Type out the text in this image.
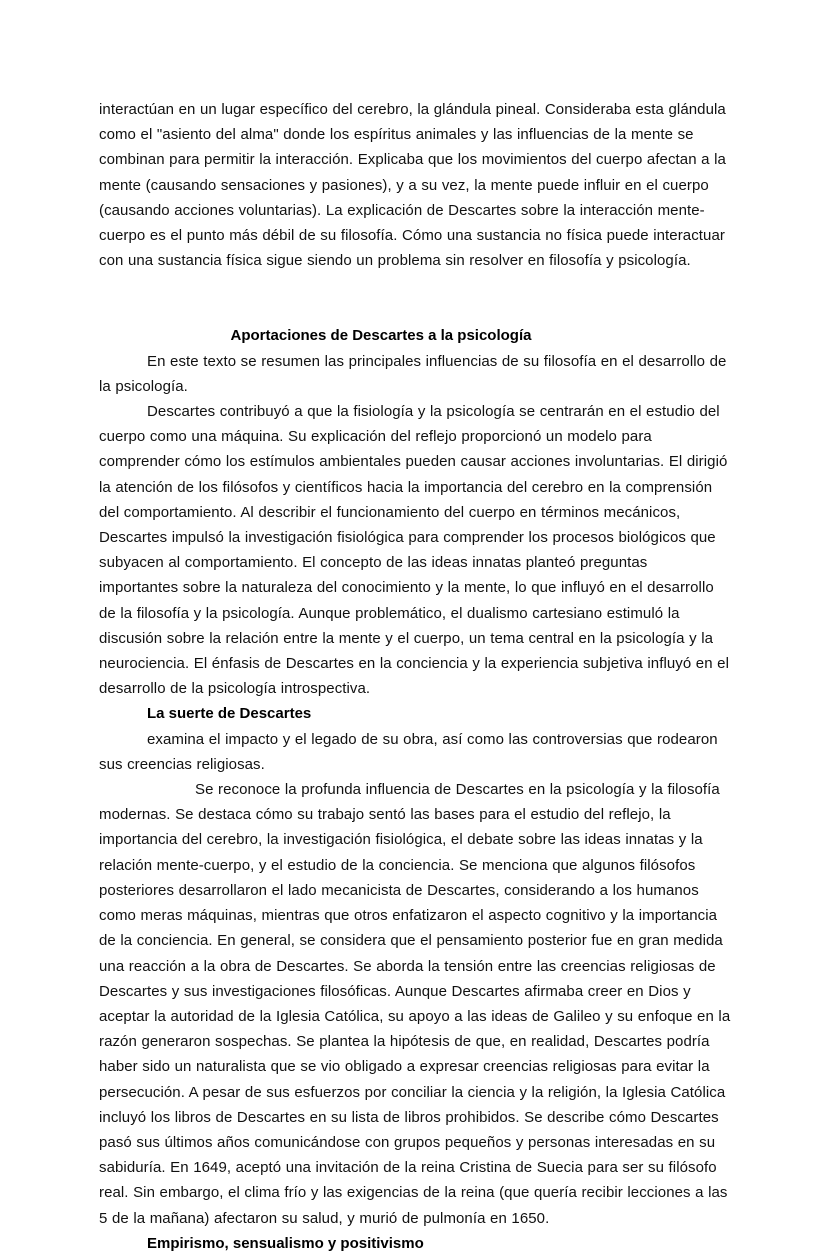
interactúan en un lugar específico del cerebro, la glándula pineal. Consideraba esta glándula como el "asiento del alma" donde los espíritus animales y las influencias de la mente se combinan para permitir la interacción. Explicaba que los movimientos del cuerpo afectan a la mente (causando sensaciones y pasiones), y a su vez, la mente puede influir en el cuerpo (causando acciones voluntarias). La explicación de Descartes sobre la interacción mente-cuerpo es el punto más débil de su filosofía. Cómo una sustancia no física puede interactuar con una sustancia física sigue siendo un problema sin resolver en filosofía y psicología.

Aportaciones de Descartes a la psicología

En este texto se resumen las principales influencias de su filosofía en el desarrollo de la psicología.

Descartes contribuyó a que la fisiología y la psicología se centrarán en el estudio del cuerpo como una máquina. Su explicación del reflejo proporcionó un modelo para comprender cómo los estímulos ambientales pueden causar acciones involuntarias. El dirigió la atención de los filósofos y científicos hacia la importancia del cerebro en la comprensión del comportamiento. Al describir el funcionamiento del cuerpo en términos mecánicos, Descartes impulsó la investigación fisiológica para comprender los procesos biológicos que subyacen al comportamiento. El concepto de las ideas innatas planteó preguntas importantes sobre la naturaleza del conocimiento y la mente, lo que influyó en el desarrollo de la filosofía y la psicología. Aunque problemático, el dualismo cartesiano estimuló la discusión sobre la relación entre la mente y el cuerpo, un tema central en la psicología y la neurociencia. El énfasis de Descartes en la conciencia y la experiencia subjetiva influyó en el desarrollo de la psicología introspectiva.

La suerte de Descartes

examina el impacto y el legado de su obra, así como las controversias que rodearon sus creencias religiosas.

Se reconoce la profunda influencia de Descartes en la psicología y la filosofía modernas. Se destaca cómo su trabajo sentó las bases para el estudio del reflejo, la importancia del cerebro, la investigación fisiológica, el debate sobre las ideas innatas y la relación mente-cuerpo, y el estudio de la conciencia. Se menciona que algunos filósofos posteriores desarrollaron el lado mecanicista de Descartes, considerando a los humanos como meras máquinas, mientras que otros enfatizaron el aspecto cognitivo y la importancia de la conciencia. En general, se considera que el pensamiento posterior fue en gran medida una reacción a la obra de Descartes. Se aborda la tensión entre las creencias religiosas de Descartes y sus investigaciones filosóficas. Aunque Descartes afirmaba creer en Dios y aceptar la autoridad de la Iglesia Católica, su apoyo a las ideas de Galileo y su enfoque en la razón generaron sospechas. Se plantea la hipótesis de que, en realidad, Descartes podría haber sido un naturalista que se vio obligado a expresar creencias religiosas para evitar la persecución. A pesar de sus esfuerzos por conciliar la ciencia y la religión, la Iglesia Católica incluyó los libros de Descartes en su lista de libros prohibidos. Se describe cómo Descartes pasó sus últimos años comunicándose con grupos pequeños y personas interesadas en su sabiduría. En 1649, aceptó una invitación de la reina Cristina de Suecia para ser su filósofo real. Sin embargo, el clima frío y las exigencias de la reina (que quería recibir lecciones a las 5 de la mañana) afectaron su salud, y murió de pulmonía en 1650.

Empirismo, sensualismo y positivismo
